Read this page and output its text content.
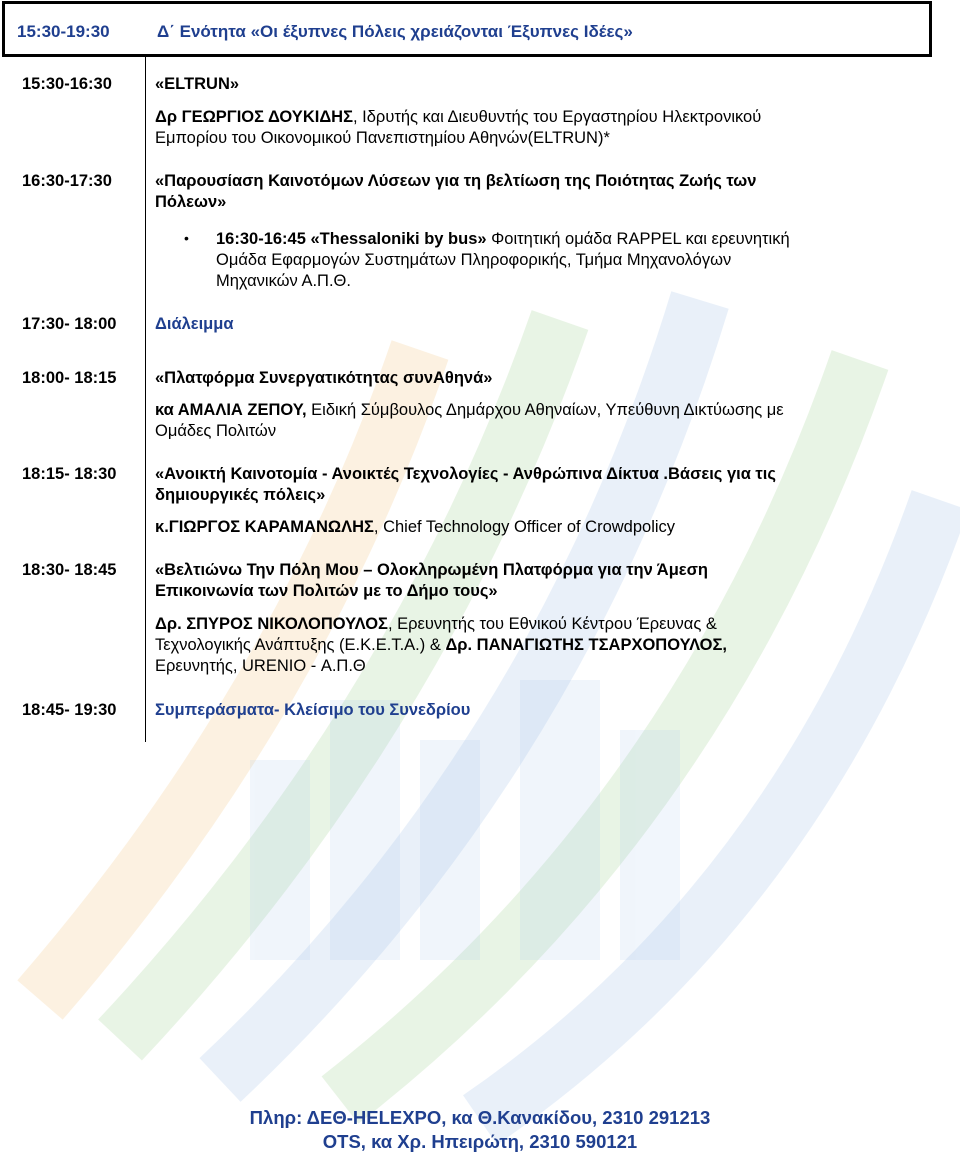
15:30-19:30	Δ΄ Ενότητα «Οι έξυπνες Πόλεις χρειάζονται Έξυπνες Ιδέες»
15:30-16:30	«ELTRUN»
Δρ ΓΕΩΡΓΙΟΣ ΔΟΥΚΙΔΗΣ, Ιδρυτής και Διευθυντής του Εργαστηρίου Ηλεκτρονικού
Εμπορίου του Οικονομικού Πανεπιστημίου Αθηνών(ELTRUN)*
16:30-17:30	«Παρουσίαση Καινοτόμων Λύσεων για τη βελτίωση της Ποιότητας Ζωής των
Πόλεων»
• 16:30-16:45 «Thessaloniki by bus» Φοιτητική ομάδα RAPPEL και ερευνητική
Ομάδα Εφαρμογών Συστημάτων Πληροφορικής, Τμήμα Μηχανολόγων
Μηχανικών Α.Π.Θ.
17:30- 18:00 Διάλειμμα
18:00- 18:15 «Πλατφόρμα Συνεργατικότητας συνΑθηνά»
κα ΑΜΑΛΙΑ ΖΕΠΟΥ, Ειδική Σύμβουλος Δημάρχου Αθηναίων, Υπεύθυνη Δικτύωσης με
Ομάδες Πολιτών
18:15- 18:30 «Ανοικτή Καινοτομία - Ανοικτές Τεχνολογίες - Ανθρώπινα Δίκτυα .Βάσεις για τις
δημιουργικές πόλεις»
κ.ΓΙΩΡΓΟΣ ΚΑΡΑΜΑΝΩΛΗΣ, Chief Technology Officer of Crowdpolicy
18:30- 18:45 «Βελτιώνω Την Πόλη Μου – Ολοκληρωμένη Πλατφόρμα για την Άμεση
Επικοινωνία των Πολιτών με το Δήμο τους»
Δρ. ΣΠΥΡΟΣ ΝΙΚΟΛΟΠΟΥΛΟΣ, Ερευνητής του Εθνικού Κέντρου Έρευνας &
Τεχνολογικής Ανάπτυξης (Ε.Κ.Ε.Τ.Α.) & Δρ. ΠΑΝΑΓΙΩΤΗΣ ΤΣΑΡΧΟΠΟΥΛΟΣ,
Ερευνητής, URENIO - Α.Π.Θ
18:45- 19:30 Συμπεράσματα- Κλείσιμο του Συνεδρίου
Πληρ: ΔΕΘ-HELEXPO, κα Θ.Κανακίδου, 2310 291213
OTS, κα Χρ. Ηπειρώτη, 2310 590121
